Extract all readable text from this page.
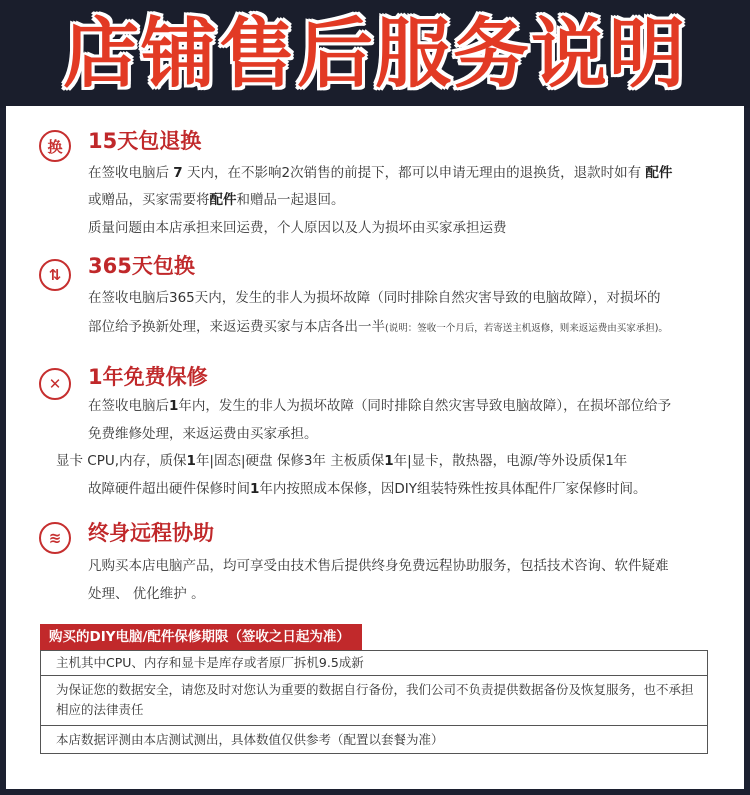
店铺售后服务说明
换	15天包退换
在签收电脑后 7 天内，在不影响2次销售的前提下，都可以申请无理由的退换货，退款时如有 配件
或赠品，买家需要将配件和赠品一起退回。
质量问题由本店承担来回运费，个人原因以及人为损坏由买家承担运费
⇅	365天包换
在签收电脑后365天内，发生的非人为损坏故障（同时排除自然灾害导致的电脑故障），对损坏的
部位给予换新处理，来返运费买家与本店各出一半(说明：签收一个月后，若寄送主机返修，则来返运费由买家承担)。
✕	1年免费保修
在签收电脑后1年内，发生的非人为损坏故障（同时排除自然灾害导致电脑故障），在损坏部位给予
免费维修处理，来返运费由买家承担。
显卡 CPU,内存，质保1年|固态|硬盘 保修3年 主板质保1年|显卡，散热器，电源/等外设质保1年
故障硬件超出硬件保修时间1年内按照成本保修，因DIY组装特殊性按具体配件厂家保修时间。
≋	终身远程协助
凡购买本店电脑产品，均可享受由技术售后提供终身免费远程协助服务，包括技术咨询、软件疑难
处理、 优化维护 。
购买的DIY电脑/配件保修期限（签收之日起为准）
主机其中CPU、内存和显卡是库存或者原厂拆机9.5成新
为保证您的数据安全，请您及时对您认为重要的数据自行备份，我们公司不负责提供数据备份及恢复服务，也不承担
相应的法律责任
本店数据评测由本店测试测出，具体数值仅供参考（配置以套餐为准）
